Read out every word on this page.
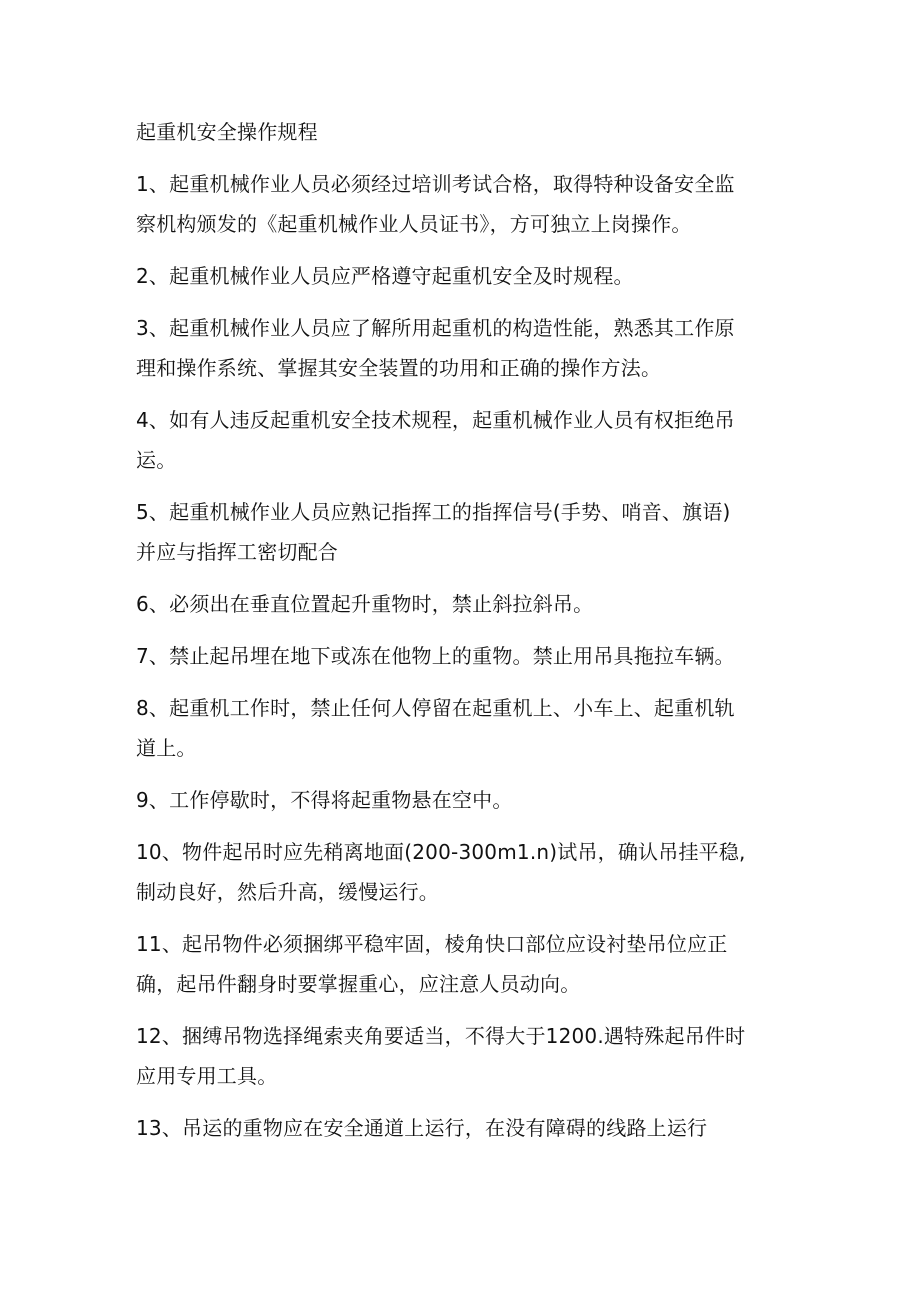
起重机安全操作规程
1、起重机械作业人员必须经过培训考试合格，取得特种设备安全监
察机构颁发的《起重机械作业人员证书》，方可独立上岗操作。
2、起重机械作业人员应严格遵守起重机安全及时规程。
3、起重机械作业人员应了解所用起重机的构造性能，熟悉其工作原
理和操作系统、掌握其安全装置的功用和正确的操作方法。
4、如有人违反起重机安全技术规程，起重机械作业人员有权拒绝吊
运。
5、起重机械作业人员应熟记指挥工的指挥信号(手势、哨音、旗语)
并应与指挥工密切配合
6、必须出在垂直位置起升重物时，禁止斜拉斜吊。
7、禁止起吊埋在地下或冻在他物上的重物。禁止用吊具拖拉车辆。
8、起重机工作时，禁止任何人停留在起重机上、小车上、起重机轨
道上。
9、工作停歇时，不得将起重物悬在空中。
10、物件起吊时应先稍离地面(200-300m1.n)试吊，确认吊挂平稳,
制动良好，然后升高，缓慢运行。
11、起吊物件必须捆绑平稳牢固，棱角快口部位应设衬垫吊位应正
确，起吊件翻身时要掌握重心，应注意人员动向。
12、捆缚吊物选择绳索夹角要适当，不得大于1200.遇特殊起吊件时
应用专用工具。
13、吊运的重物应在安全通道上运行，在没有障碍的线路上运行
